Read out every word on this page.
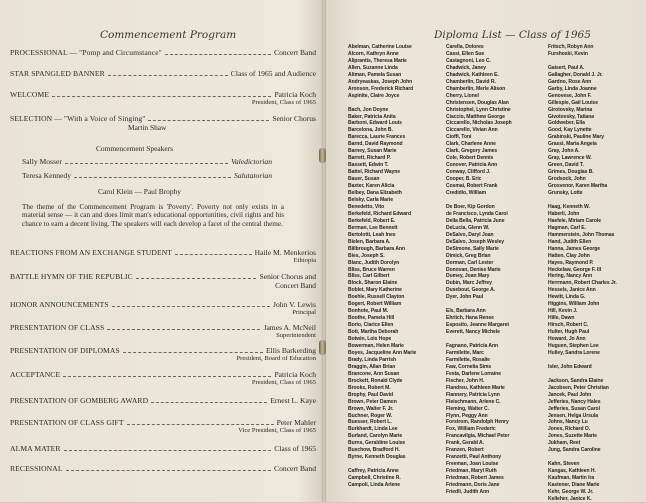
Commencement Program
PROCESSIONAL — "Pomp and Circumstance"	Concert Band
STAR SPANGLED BANNER	Class of 1965 and Audience
WELCOME	Patricia Koch
President, Class of 1965
SELECTION — "With a Voice of Singing"	Senior Chorus
Martin Shaw
Commencement Speakers
Sally Mosser	Valedictorian
Teresa Kennedy	Salutatorian
Carol Klein — Paul Brophy
The theme of the Commencement Program is 'Poverty'. Poverty not only exists in a material sense — it can and does limit man's educational opportunities, civil rights and his chance to earn a decent living. The speakers will each develop a facet of the central theme.
REACTIONS FROM AN EXCHANGE STUDENT	Haile M. Menkerios
Ethiopia
BATTLE HYMN OF THE REPUBLIC	Senior Chorus and
Concert Band
HONOR ANNOUNCEMENTS	John V. Lewis
Principal
PRESENTATION OF CLASS	James A. McNeil
Superintendent
PRESENTATION OF DIPLOMAS	Ellis Barkerding
President, Board of Education
ACCEPTANCE	Patricia Koch
President, Class of 1965
PRESENTATION OF GOMBERG AWARD	Ernest L. Kaye
PRESENTATION OF CLASS GIFT	Peter Mahler
Vice President, Class of 1965
ALMA MATER	Class of 1965
RECESSIONAL	Concert Band
Diploma List — Class of 1965
Abelman, Catherine Louise
Alcorn, Kathryn Anne
Aliprantis, Theresa Marie
Allen, Suzanne Linda
Altman, Pamela Susan
Andryeaskas, Joseph John
Aronson, Frederick Richard
Aspinite, Claire Joyce

Bach, Jon Doyne
Baker, Patricia Anita
Barboni, Edward Louis
Barcelona, John B.
Barecca, Laurie Frances
Barnd, David Raymond
Barney, Susan Marie
Barrett, Richard P.
Bassett, Edwin T.
Battel, Richard Wayne
Bauer, Susan
Baxter, Karen Alicia
Belbey, Dana Elizabeth
Belsky, Carla Marie
Benedetto, Vito
Berkefeld, Richard Edward
Berkefeld, Robert E.
Berman, Lee Bennett
Bertolotti, Leah Ines
Bielen, Barbara A.
Billbrough, Barbara Ann
Bies, Joseph S.
Blanc, Judith Dorolyn
Bliss, Bruce Warren
Bliss, Carl Gilbert
Block, Sharon Elaine
Boblet, Mary Katherine
Boehle, Russell Clayton
Bogert, Robert William
Bonhote, Paul M.
Boothe, Pamela Hill
Borio, Clarice Ellen
Bott, Martha Deborah
Botwin, Lois Hope
Bowerman, Helen Marie
Boyes, Jacqueline Ann Marie
Brady, Linda Parrish
Braggin, Allan Brian
Brancone, Ann Susan
Brockett, Ronald Clyde
Brooks, Robert M.
Brophy, Paul David
Brown, Peter Damon
Brown, Walter F. Jr.
Buchner, Roger W.
Buesser, Robert L.
Burkhardt, Linda Lee
Burland, Carolyn Marie
Burns, Geraldine Louise
Buschow, Bradford H.
Byrne, Kenneth Douglas

Caffrey, Patricia Anne
Campbell, Christine R.
Campoli, Linda Arlene
Carella, Dolores
Cassi, Ellen Sue
Castagnoni, Leo C.
Chadwick, Janey
Chadwick, Kathleen E.
Chamberlin, David R.
Chamberlin, Merle Alison
Cherry, Lionel
Christensen, Douglas Alan
Christophel, Lynn Christine
Ciaccio, Matthew George
Ciccarello, Nicholas Joseph
Ciccarello, Vivian Ann
Cioffi, Toni
Clark, Charlene Anne
Clark, Gregory James
Cole, Robert Dennis
Conover, Patricia Ann
Conway, Clifford J.
Cooper, B. Eric
Cosmai, Robert Frank
Credidio, William

De Boer, Kip Gordon
de Francisco, Lynda Carol
Della Bella, Patricia June
DeLucia, Glenn W.
DeSalvo, Daryl Joan
DeSalvo, Joseph Wesley
DeSimone, Sally Marie
Dimick, Greg Brian
Dorman, Carl Lester
Donovan, Denise Marie
Dumey, Joan Mary
Dubin, Marc Jeffrey
Dusebout, George A.
Dyer, John Paul

Els, Barbara Ann
Ehrlich, Hana Renee
Esposito, Jeanne Margaret
Everett, Nancy Michele

Fagnano, Patricia Ann
Farmilette, Marc
Farmilette, Rosalie
Faw, Cornelia Sims
Festa, Darlene Lorraine
Fischer, John H.
Flandreu, Kathleen Marie
Flannery, Patricia Lynn
Fleischmann, Arlene C.
Fleming, Walter C.
Flynn, Peggy Ann
Forstrom, Randolph Henry
Fox, William Frederic
Francavilgia, Michael Peter
Frank, Gerald A.
Franzen, Robert
Franzetti, Paul Anthony
Freeman, Joan Louise
Friedman, Maryl Ruth
Friedman, Robert James
Friedmann, Doris Jane
Friedli, Judith Ann
Fritsch, Robyn Ann
Furshoski, Kevin

Gaisert, Paul A.
Gallagher, Donald J. Jr.
Gardno, Rose Ann
Garby, Linda Joanne
Genovese, John F.
Gillespie, Gail Louise
Girotovsky, Marina
Givotovsky, Tatiana
Goldweber, Ella
Good, Kay Lynette
Grabinski, Pauline Mary
Grassi, Maria Angela
Gray, John A.
Gray, Lawrence W.
Green, David T.
Grimes, Douglas B.
Grodsock, John
Grosvenor, Karen Martha
Grunsky, Lotte

Haag, Kenneth W.
Haberli, John
Haefele, Miriam Carole
Hagman, Carl E.
Hammerstein, John Thomas
Hand, Judith Ellen
Hanna, James George
Hatten, Clay John
Hayes, Raymond P.
Heckelaw, George F. III
Hering, Nancy Ann
Herrmann, Robert Charles Jr.
Hessels, Janice Ann
Hewitt, Linda G.
Higgins, William John
Hill, Kevin J.
Hille, Dawn
Hirsch, Robert C.
Hulter, Hugh Paul
Howard, Jo Ann
Huguen, Stephen Lee
Hulley, Sandra Lorene

Isler, John Edward

Jackson, Sandra Elaine
Jacobsen, Peter Christian
Jancek, Paul John
Jefferies, Nancy Hales
Jefferies, Susan Carol
Jensen, Helga Ursula
Johns, Nancy Lu
Jones, Richard O.
Jones, Suzette Marie
Jukham, Reet
Jung, Sandra Caroline

Kahn, Steven
Kangas, Kathleen H.
Kaufman, Martin Ira
Kastener, Diane Marie
Kehr, George W. Jr.
Kelleher, Janice K.
